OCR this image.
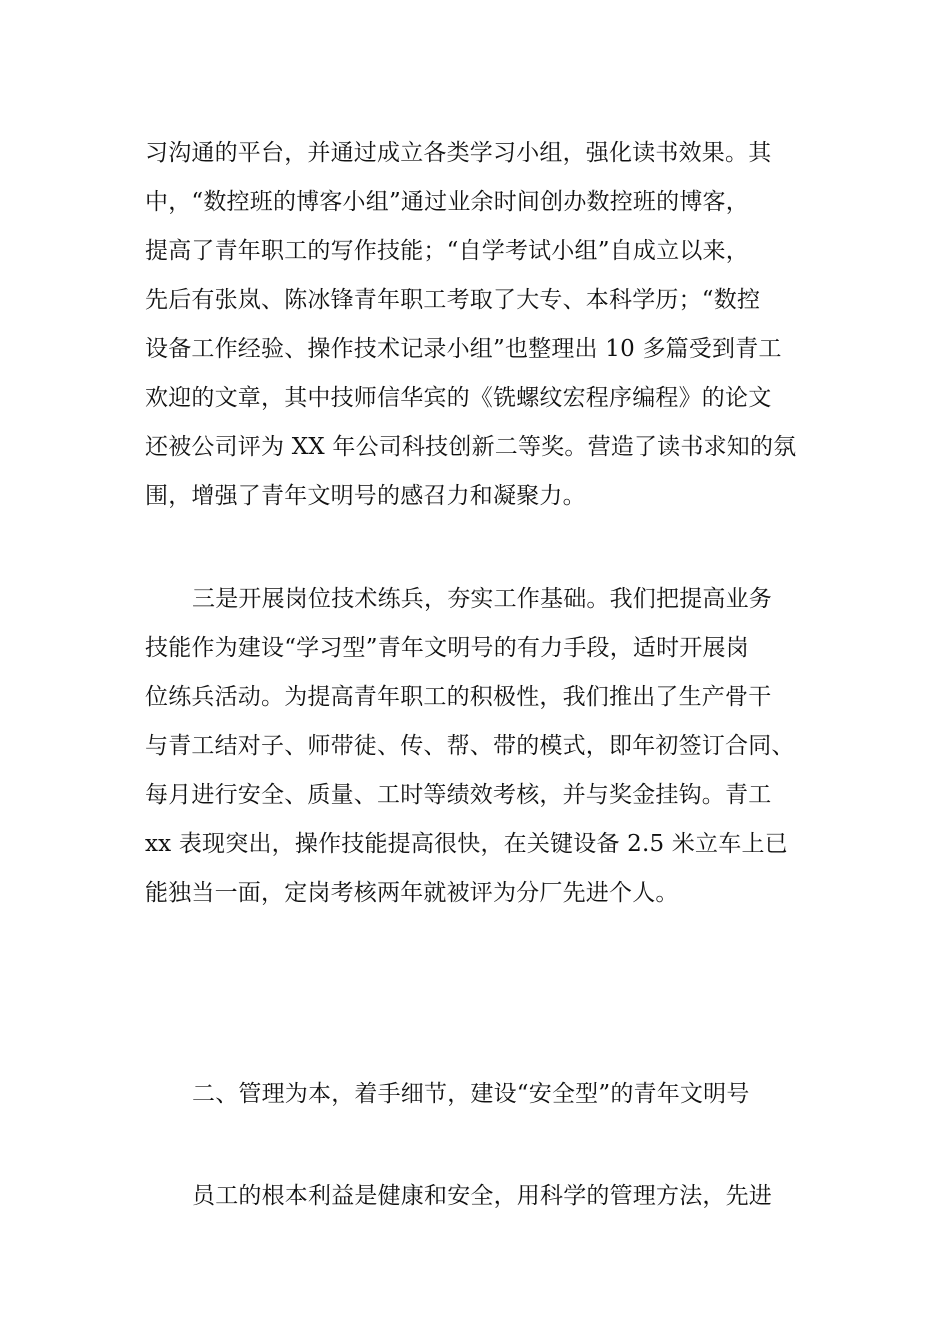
习沟通的平台，并通过成立各类学习小组，强化读书效果。其
中，“数控班的博客小组”通过业余时间创办数控班的博客，
提高了青年职工的写作技能；“自学考试小组”自成立以来，
先后有张岚、陈冰锋青年职工考取了大专、本科学历；“数控
设备工作经验、操作技术记录小组”也整理出 10 多篇受到青工
欢迎的文章，其中技师信华宾的《铣螺纹宏程序编程》的论文
还被公司评为 XX 年公司科技创新二等奖。营造了读书求知的氛
围，增强了青年文明号的感召力和凝聚力。
三是开展岗位技术练兵，夯实工作基础。我们把提高业务
技能作为建设“学习型”青年文明号的有力手段，适时开展岗
位练兵活动。为提高青年职工的积极性，我们推出了生产骨干
与青工结对子、师带徒、传、帮、带的模式，即年初签订合同、
每月进行安全、质量、工时等绩效考核，并与奖金挂钩。青工
xx 表现突出，操作技能提高很快，在关键设备 2.5 米立车上已
能独当一面，定岗考核两年就被评为分厂先进个人。
二、管理为本，着手细节，建设“安全型”的青年文明号
员工的根本利益是健康和安全，用科学的管理方法，先进
